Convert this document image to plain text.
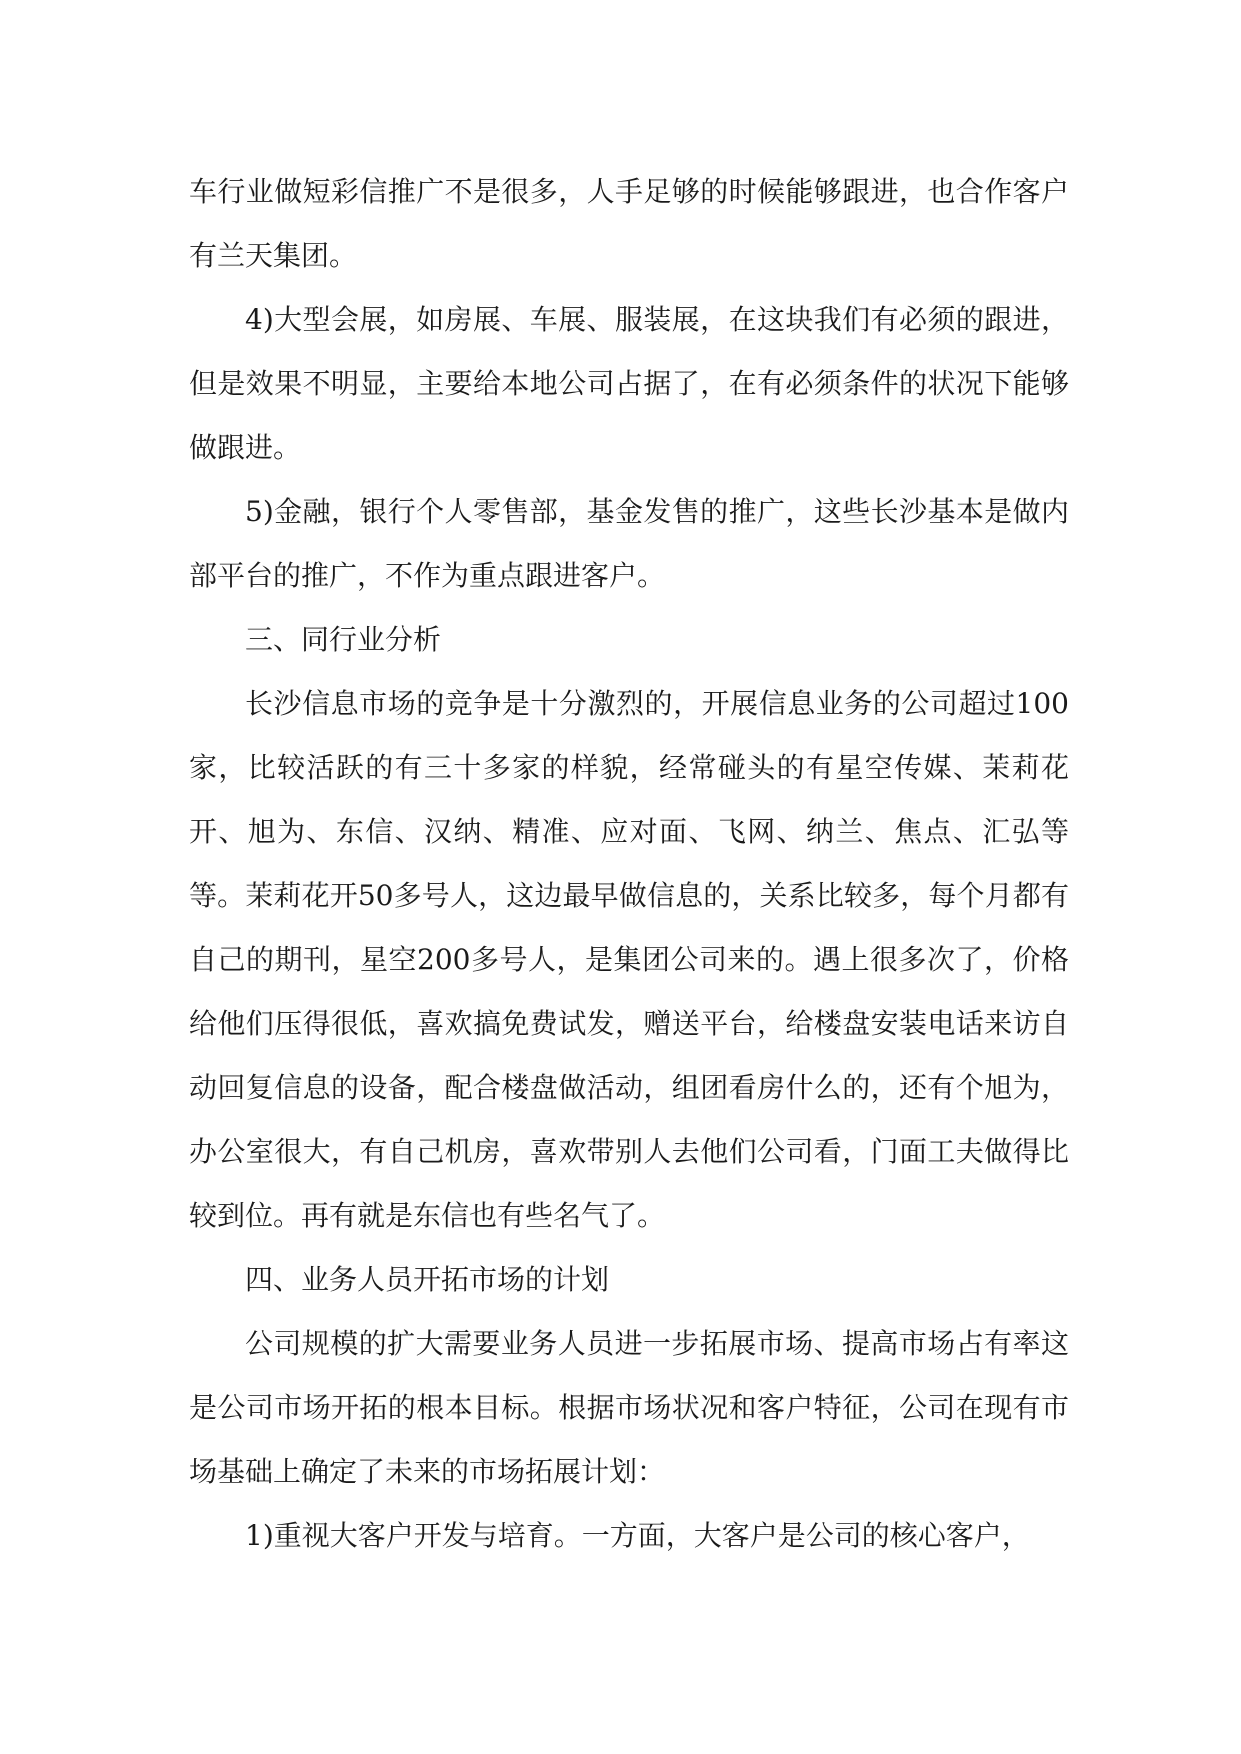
车行业做短彩信推广不是很多，人手足够的时候能够跟进，也合作客户有兰天集团。

4)大型会展，如房展、车展、服装展，在这块我们有必须的跟进，但是效果不明显，主要给本地公司占据了，在有必须条件的状况下能够做跟进。

5)金融，银行个人零售部，基金发售的推广，这些长沙基本是做内部平台的推广，不作为重点跟进客户。

三、同行业分析

长沙信息市场的竞争是十分激烈的，开展信息业务的公司超过100家，比较活跃的有三十多家的样貌，经常碰头的有星空传媒、茉莉花开、旭为、东信、汉纳、精准、应对面、飞网、纳兰、焦点、汇弘等等。茉莉花开50多号人，这边最早做信息的，关系比较多，每个月都有自己的期刊，星空200多号人，是集团公司来的。遇上很多次了，价格给他们压得很低，喜欢搞免费试发，赠送平台，给楼盘安装电话来访自动回复信息的设备，配合楼盘做活动，组团看房什么的，还有个旭为，办公室很大，有自己机房，喜欢带别人去他们公司看，门面工夫做得比较到位。再有就是东信也有些名气了。

四、业务人员开拓市场的计划

公司规模的扩大需要业务人员进一步拓展市场、提高市场占有率这是公司市场开拓的根本目标。根据市场状况和客户特征，公司在现有市场基础上确定了未来的市场拓展计划：

1)重视大客户开发与培育。一方面，大客户是公司的核心客户，
